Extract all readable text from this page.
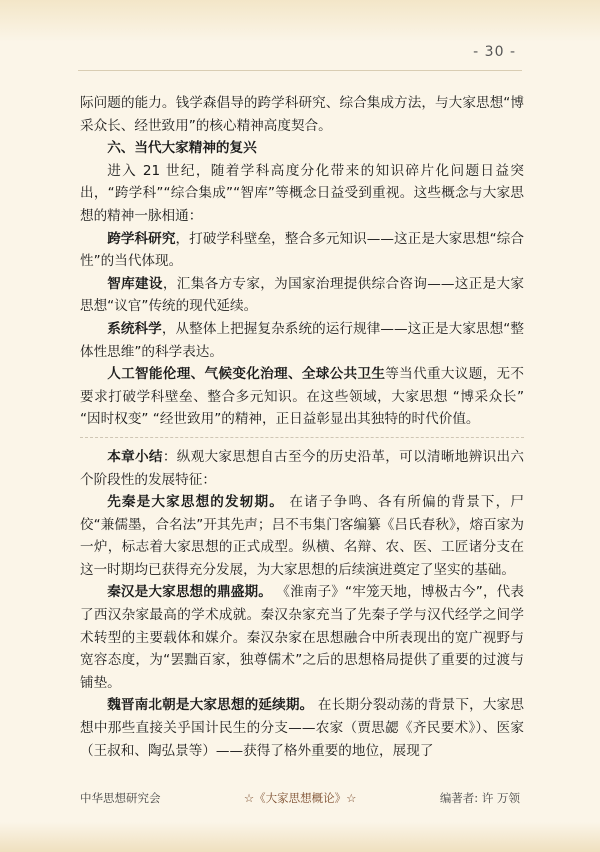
- 30 -

际问题的能力。钱学森倡导的跨学科研究、综合集成方法，与大家思想“博采众长、经世致用”的核心精神高度契合。

六、当代大家精神的复兴

进入 21 世纪，随着学科高度分化带来的知识碎片化问题日益突出，“跨学科”“综合集成”“智库”等概念日益受到重视。这些概念与大家思想的精神一脉相通：

跨学科研究，打破学科壁垒，整合多元知识——这正是大家思想“综合性”的当代体现。

智库建设，汇集各方专家，为国家治理提供综合咨询——这正是大家思想“议官”传统的现代延续。

系统科学，从整体上把握复杂系统的运行规律——这正是大家思想“整体性思维”的科学表达。

人工智能伦理、气候变化治理、全球公共卫生等当代重大议题，无不要求打破学科壁垒、整合多元知识。在这些领域，大家思想 “博采众长” “因时权变” “经世致用”的精神，正日益彰显出其独特的时代价值。

本章小结：纵观大家思想自古至今的历史沿革，可以清晰地辨识出六个阶段性的发展特征：

先秦是大家思想的发轫期。 在诸子争鸣、各有所偏的背景下，尸佼“兼儒墨，合名法”开其先声；吕不韦集门客编纂《吕氏春秋》，熔百家为一炉，标志着大家思想的正式成型。纵横、名辩、农、医、工匠诸分支在这一时期均已获得充分发展，为大家思想的后续演进奠定了坚实的基础。

秦汉是大家思想的鼎盛期。 《淮南子》“牢笼天地，博极古今”，代表了西汉杂家最高的学术成就。秦汉杂家充当了先秦子学与汉代经学之间学术转型的主要载体和媒介。秦汉杂家在思想融合中所表现出的宽广视野与宽容态度，为“罢黜百家，独尊儒术”之后的思想格局提供了重要的过渡与铺垫。

魏晋南北朝是大家思想的延续期。 在长期分裂动荡的背景下，大家思想中那些直接关乎国计民生的分支——农家（贾思勰《齐民要术》）、医家（王叔和、陶弘景等）——获得了格外重要的地位，展现了

中华思想研究会	☆《大家思想概论》☆	编著者: 许 万领
